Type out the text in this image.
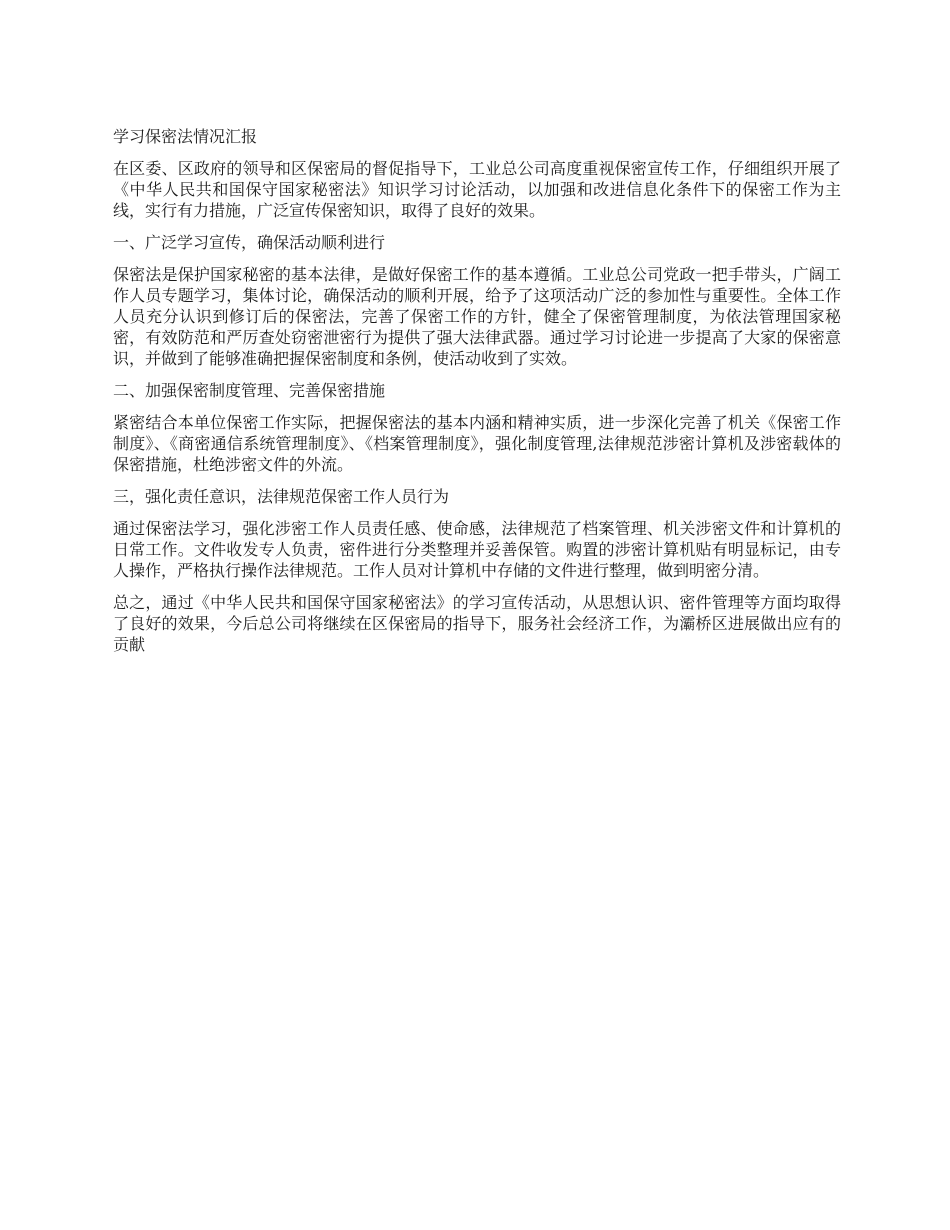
学习保密法情况汇报

在区委、区政府的领导和区保密局的督促指导下，工业总公司高度重视保密宣传工作，仔细组织开展了《中华人民共和国保守国家秘密法》知识学习讨论活动，以加强和改进信息化条件下的保密工作为主线，实行有力措施，广泛宣传保密知识，取得了良好的效果。

一、广泛学习宣传，确保活动顺利进行

保密法是保护国家秘密的基本法律，是做好保密工作的基本遵循。工业总公司党政一把手带头，广阔工作人员专题学习，集体讨论，确保活动的顺利开展，给予了这项活动广泛的参加性与重要性。全体工作人员充分认识到修订后的保密法，完善了保密工作的方针，健全了保密管理制度，为依法管理国家秘密，有效防范和严厉查处窃密泄密行为提供了强大法律武器。通过学习讨论进一步提高了大家的保密意识，并做到了能够准确把握保密制度和条例，使活动收到了实效。

二、加强保密制度管理、完善保密措施

紧密结合本单位保密工作实际，把握保密法的基本内涵和精神实质，进一步深化完善了机关《保密工作制度》、《商密通信系统管理制度》、《档案管理制度》，强化制度管理,法律规范涉密计算机及涉密载体的保密措施，杜绝涉密文件的外流。

三，强化责任意识，法律规范保密工作人员行为

通过保密法学习，强化涉密工作人员责任感、使命感，法律规范了档案管理、机关涉密文件和计算机的日常工作。文件收发专人负责，密件进行分类整理并妥善保管。购置的涉密计算机贴有明显标记，由专人操作，严格执行操作法律规范。工作人员对计算机中存储的文件进行整理，做到明密分清。

总之，通过《中华人民共和国保守国家秘密法》的学习宣传活动，从思想认识、密件管理等方面均取得了良好的效果，今后总公司将继续在区保密局的指导下，服务社会经济工作，为灞桥区进展做出应有的贡献
